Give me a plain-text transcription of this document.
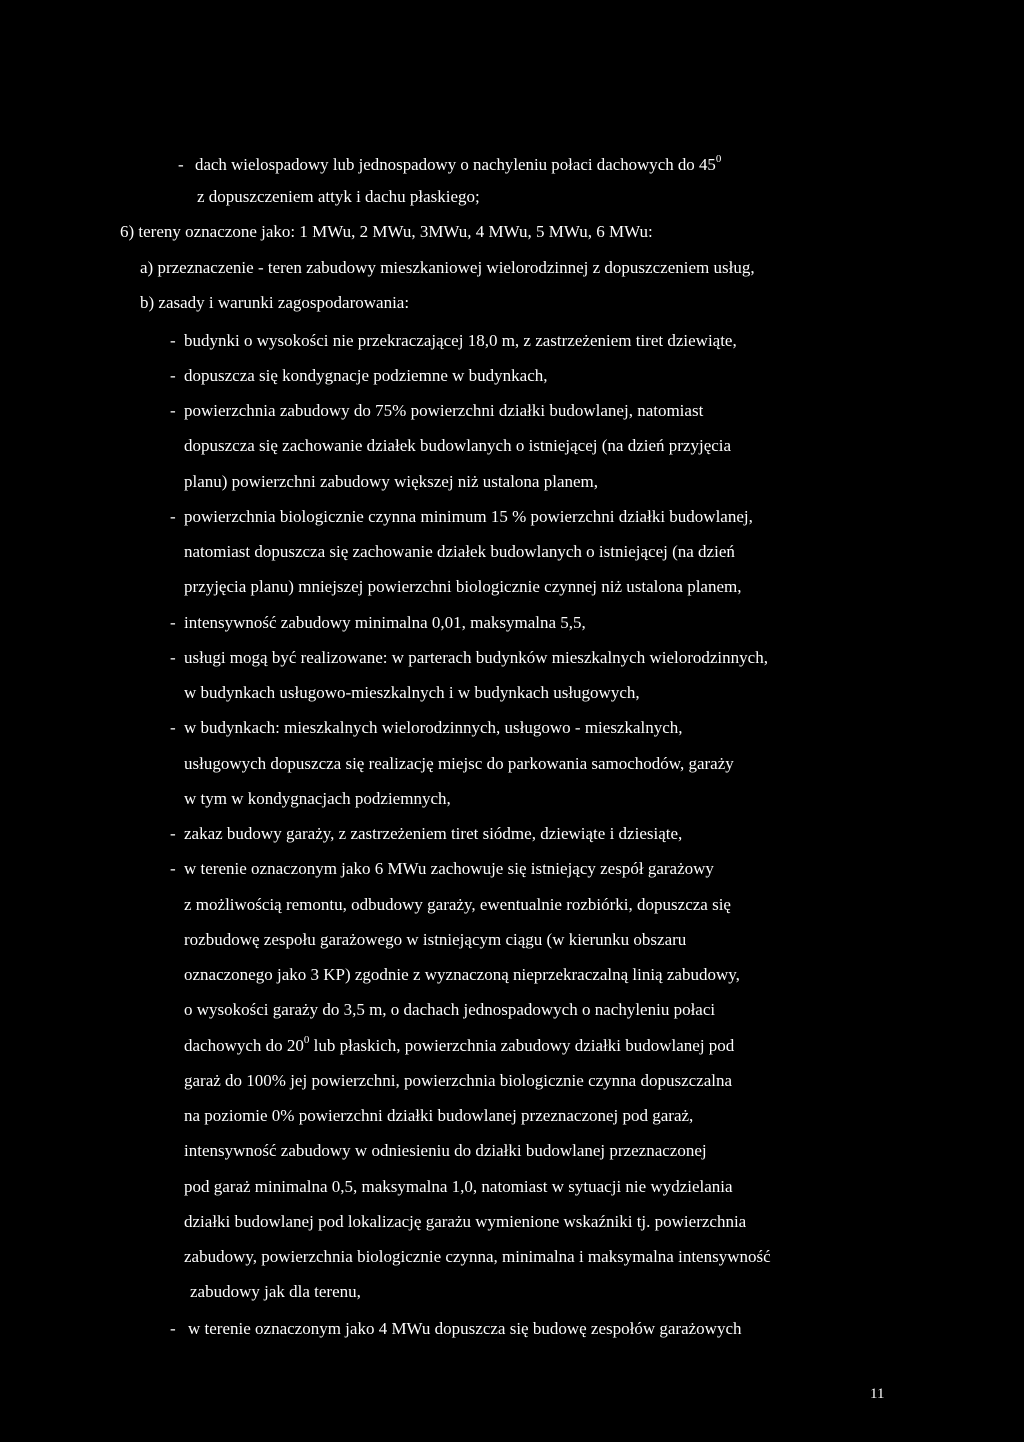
- dach wielospadowy lub jednospadowy o nachyleniu połaci dachowych do $45^0$
z dopuszczeniem attyk i dachu płaskiego;
6) tereny oznaczone jako: 1 MWu, 2 MWu, 3MWu, 4 MWu, 5 MWu, 6 MWu:
a) przeznaczenie - teren zabudowy mieszkaniowej wielorodzinnej z dopuszczeniem usług,
b) zasady i warunki zagospodarowania:
- budynki o wysokości nie przekraczającej 18,0 m, z zastrzeżeniem tiret dziewiąte,
- dopuszcza się kondygnacje podziemne w budynkach,
- powierzchnia zabudowy do 75% powierzchni działki budowlanej, natomiast
dopuszcza się zachowanie działek budowlanych o istniejącej (na dzień przyjęcia
planu) powierzchni zabudowy większej niż ustalona planem,
- powierzchnia biologicznie czynna minimum 15 % powierzchni działki budowlanej,
natomiast dopuszcza się zachowanie działek budowlanych o istniejącej (na dzień
przyjęcia planu) mniejszej powierzchni biologicznie czynnej niż ustalona planem,
- intensywność zabudowy minimalna 0,01, maksymalna 5,5,
- usługi mogą być realizowane: w parterach budynków mieszkalnych wielorodzinnych,
w budynkach usługowo-mieszkalnych i w budynkach usługowych,
- w budynkach: mieszkalnych wielorodzinnych, usługowo - mieszkalnych,
usługowych dopuszcza się realizację miejsc do parkowania samochodów, garaży
w tym w kondygnacjach podziemnych,
- zakaz budowy garaży, z zastrzeżeniem tiret siódme, dziewiąte i dziesiąte,
- w terenie oznaczonym jako 6 MWu zachowuje się istniejący zespół garażowy
z możliwością remontu, odbudowy garaży, ewentualnie rozbiórki, dopuszcza się
rozbudowę zespołu garażowego w istniejącym ciągu (w kierunku obszaru
oznaczonego jako 3 KP) zgodnie z wyznaczoną nieprzekraczalną linią zabudowy,
o wysokości garaży do 3,5 m, o dachach jednospadowych o nachyleniu połaci
dachowych do $20^0$ lub płaskich, powierzchnia zabudowy działki budowlanej pod
garaż do 100% jej powierzchni, powierzchnia biologicznie czynna dopuszczalna
na poziomie 0% powierzchni działki budowlanej przeznaczonej pod garaż,
intensywność zabudowy w odniesieniu do działki budowlanej przeznaczonej
pod garaż minimalna 0,5, maksymalna 1,0, natomiast w sytuacji nie wydzielania
działki budowlanej pod lokalizację garażu wymienione wskaźniki tj. powierzchnia
zabudowy, powierzchnia biologicznie czynna, minimalna i maksymalna intensywność
zabudowy jak dla terenu,
- w terenie oznaczonym jako 4 MWu dopuszcza się budowę zespołów garażowych
11
